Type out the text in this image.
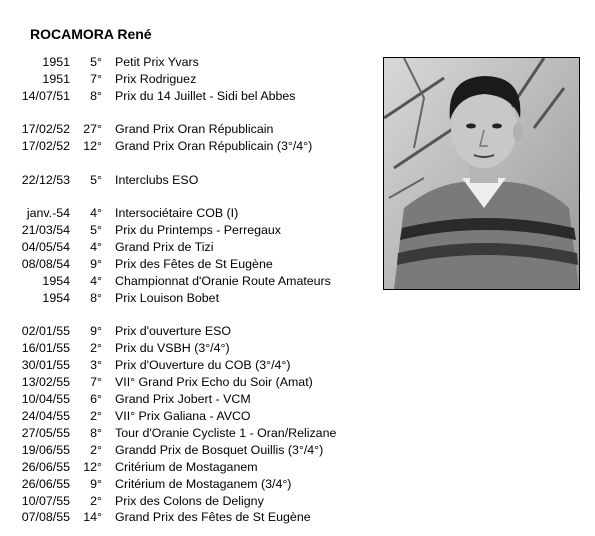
ROCAMORA René
1951	5° Petit Prix Yvars
1951	7° Prix Rodriguez
14/07/51	8° Prix du 14 Juillet - Sidi bel Abbes
17/02/52	27° Grand Prix Oran Républicain
17/02/52	12° Grand Prix Oran Républicain (3°/4°)
22/12/53	5° Interclubs ESO
janv.-54	4° Intersociétaire COB (I)
21/03/54	5° Prix du Printemps - Perregaux
04/05/54	4° Grand Prix de Tizi
08/08/54	9° Prix des Fêtes de St Eugène
1954	4° Championnat d'Oranie Route Amateurs
1954	8° Prix Louison Bobet
02/01/55	9° Prix d'ouverture ESO
16/01/55	2° Prix du VSBH (3°/4°)
30/01/55	3° Prix d'Ouverture du COB (3°/4°)
13/02/55	7° VII° Grand Prix Echo du Soir (Amat)
10/04/55	6° Grand Prix Jobert - VCM
24/04/55	2° VII° Prix Galiana - AVCO
27/05/55	8° Tour d'Oranie Cycliste 1 - Oran/Relizane
19/06/55	2° Grandd Prix de Bosquet Ouillis (3°/4°)
26/06/55	12° Critérium de Mostaganem
26/06/55	9° Critérium de Mostaganem (3/4°)
10/07/55	2° Prix des Colons de Deligny
07/08/55	14° Grand Prix des Fêtes de St Eugène
